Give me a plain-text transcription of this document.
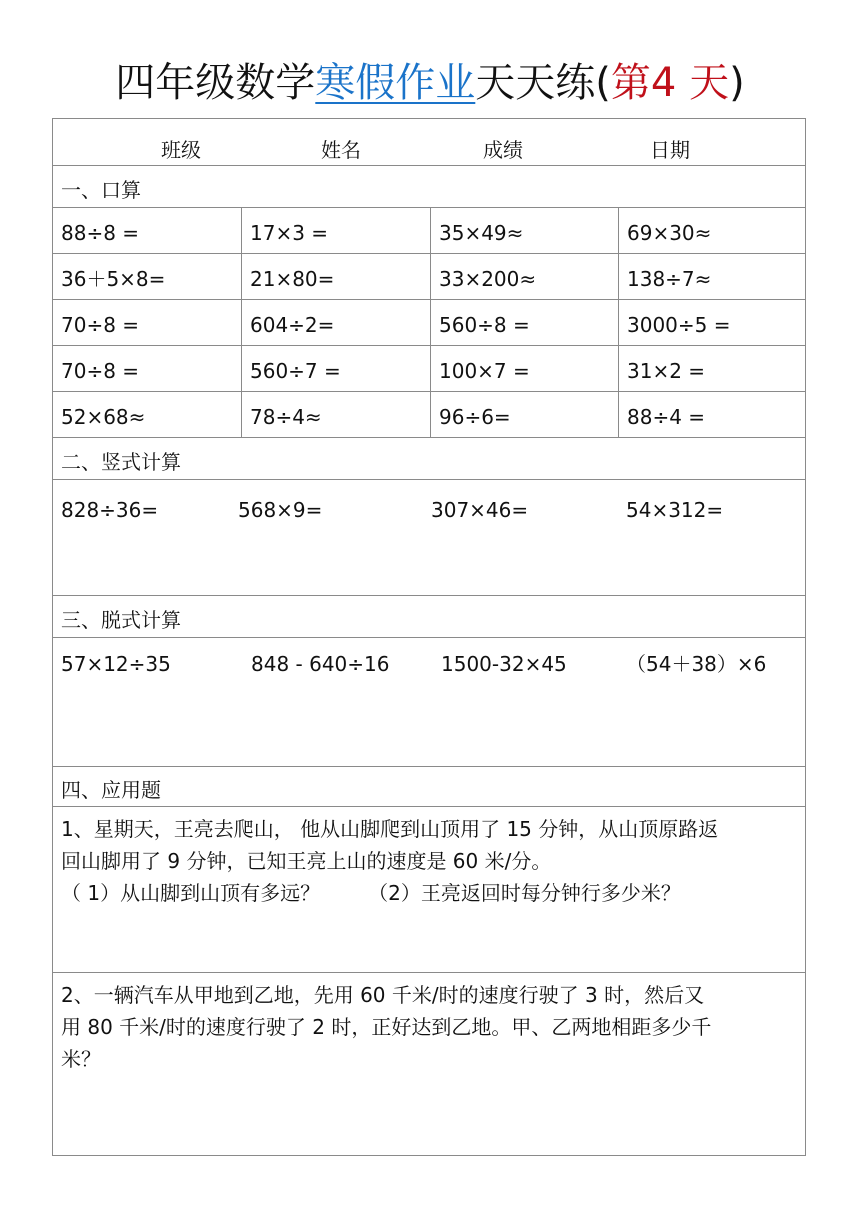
四年级数学寒假作业天天练(第4 天)
班级	姓名	成绩	日期
一、口算
88÷8 =	17×3 =	35×49≈	69×30≈
36＋5×8=	21×80=	33×200≈	138÷7≈
70÷8 =	604÷2=	560÷8 =	3000÷5 =
70÷8 =	560÷7 =	100×7 =	31×2 =
52×68≈	78÷4≈	96÷6=	88÷4 =
二、竖式计算
828÷36=	568×9=	307×46=	54×312=
三、脱式计算
57×12÷35	848 - 640÷16	1500-32×45	（54＋38）×6
四、应用题
1、星期天，王亮去爬山， 他从山脚爬到山顶用了 15 分钟，从山顶原路返
回山脚用了 9 分钟，已知王亮上山的速度是 60 米/分。
（ 1）从山脚到山顶有多远？ （2）王亮返回时每分钟行多少米？
2、一辆汽车从甲地到乙地，先用 60 千米/时的速度行驶了 3 时，然后又
用 80 千米/时的速度行驶了 2 时，正好达到乙地。甲、乙两地相距多少千
米？
